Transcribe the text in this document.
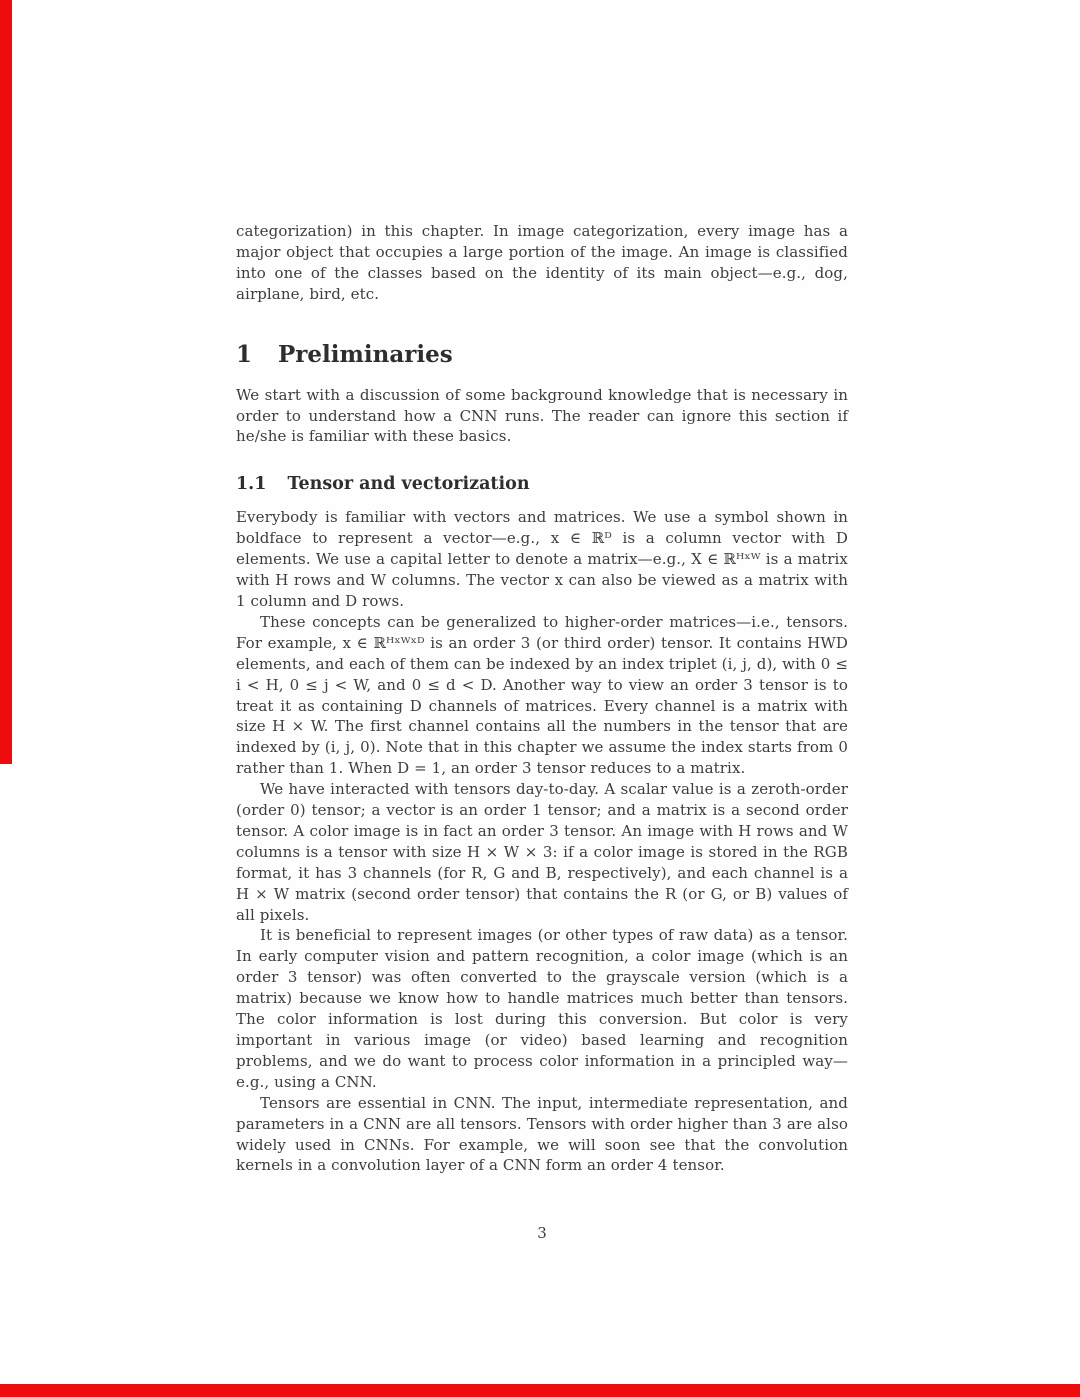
categorization) in this chapter. In image categorization, every image has a major object that occupies a large portion of the image. An image is classified into one of the classes based on the identity of its main object—e.g., dog, airplane, bird, etc.

1 Preliminaries

We start with a discussion of some background knowledge that is necessary in order to understand how a CNN runs. The reader can ignore this section if he/she is familiar with these basics.

1.1 Tensor and vectorization

Everybody is familiar with vectors and matrices. We use a symbol shown in boldface to represent a vector—e.g., x ∈ ℝᴰ is a column vector with D elements. We use a capital letter to denote a matrix—e.g., X ∈ ℝᴴˣᵂ is a matrix with H rows and W columns. The vector x can also be viewed as a matrix with 1 column and D rows.

These concepts can be generalized to higher-order matrices—i.e., tensors. For example, x ∈ ℝᴴˣᵂˣᴰ is an order 3 (or third order) tensor. It contains HWD elements, and each of them can be indexed by an index triplet (i, j, d), with 0 ≤ i < H, 0 ≤ j < W, and 0 ≤ d < D. Another way to view an order 3 tensor is to treat it as containing D channels of matrices. Every channel is a matrix with size H × W. The first channel contains all the numbers in the tensor that are indexed by (i, j, 0). Note that in this chapter we assume the index starts from 0 rather than 1. When D = 1, an order 3 tensor reduces to a matrix.

We have interacted with tensors day-to-day. A scalar value is a zeroth-order (order 0) tensor; a vector is an order 1 tensor; and a matrix is a second order tensor. A color image is in fact an order 3 tensor. An image with H rows and W columns is a tensor with size H × W × 3: if a color image is stored in the RGB format, it has 3 channels (for R, G and B, respectively), and each channel is a H × W matrix (second order tensor) that contains the R (or G, or B) values of all pixels.

It is beneficial to represent images (or other types of raw data) as a tensor. In early computer vision and pattern recognition, a color image (which is an order 3 tensor) was often converted to the grayscale version (which is a matrix) because we know how to handle matrices much better than tensors. The color information is lost during this conversion. But color is very important in various image (or video) based learning and recognition problems, and we do want to process color information in a principled way—e.g., using a CNN.

Tensors are essential in CNN. The input, intermediate representation, and parameters in a CNN are all tensors. Tensors with order higher than 3 are also widely used in CNNs. For example, we will soon see that the convolution kernels in a convolution layer of a CNN form an order 4 tensor.

3
